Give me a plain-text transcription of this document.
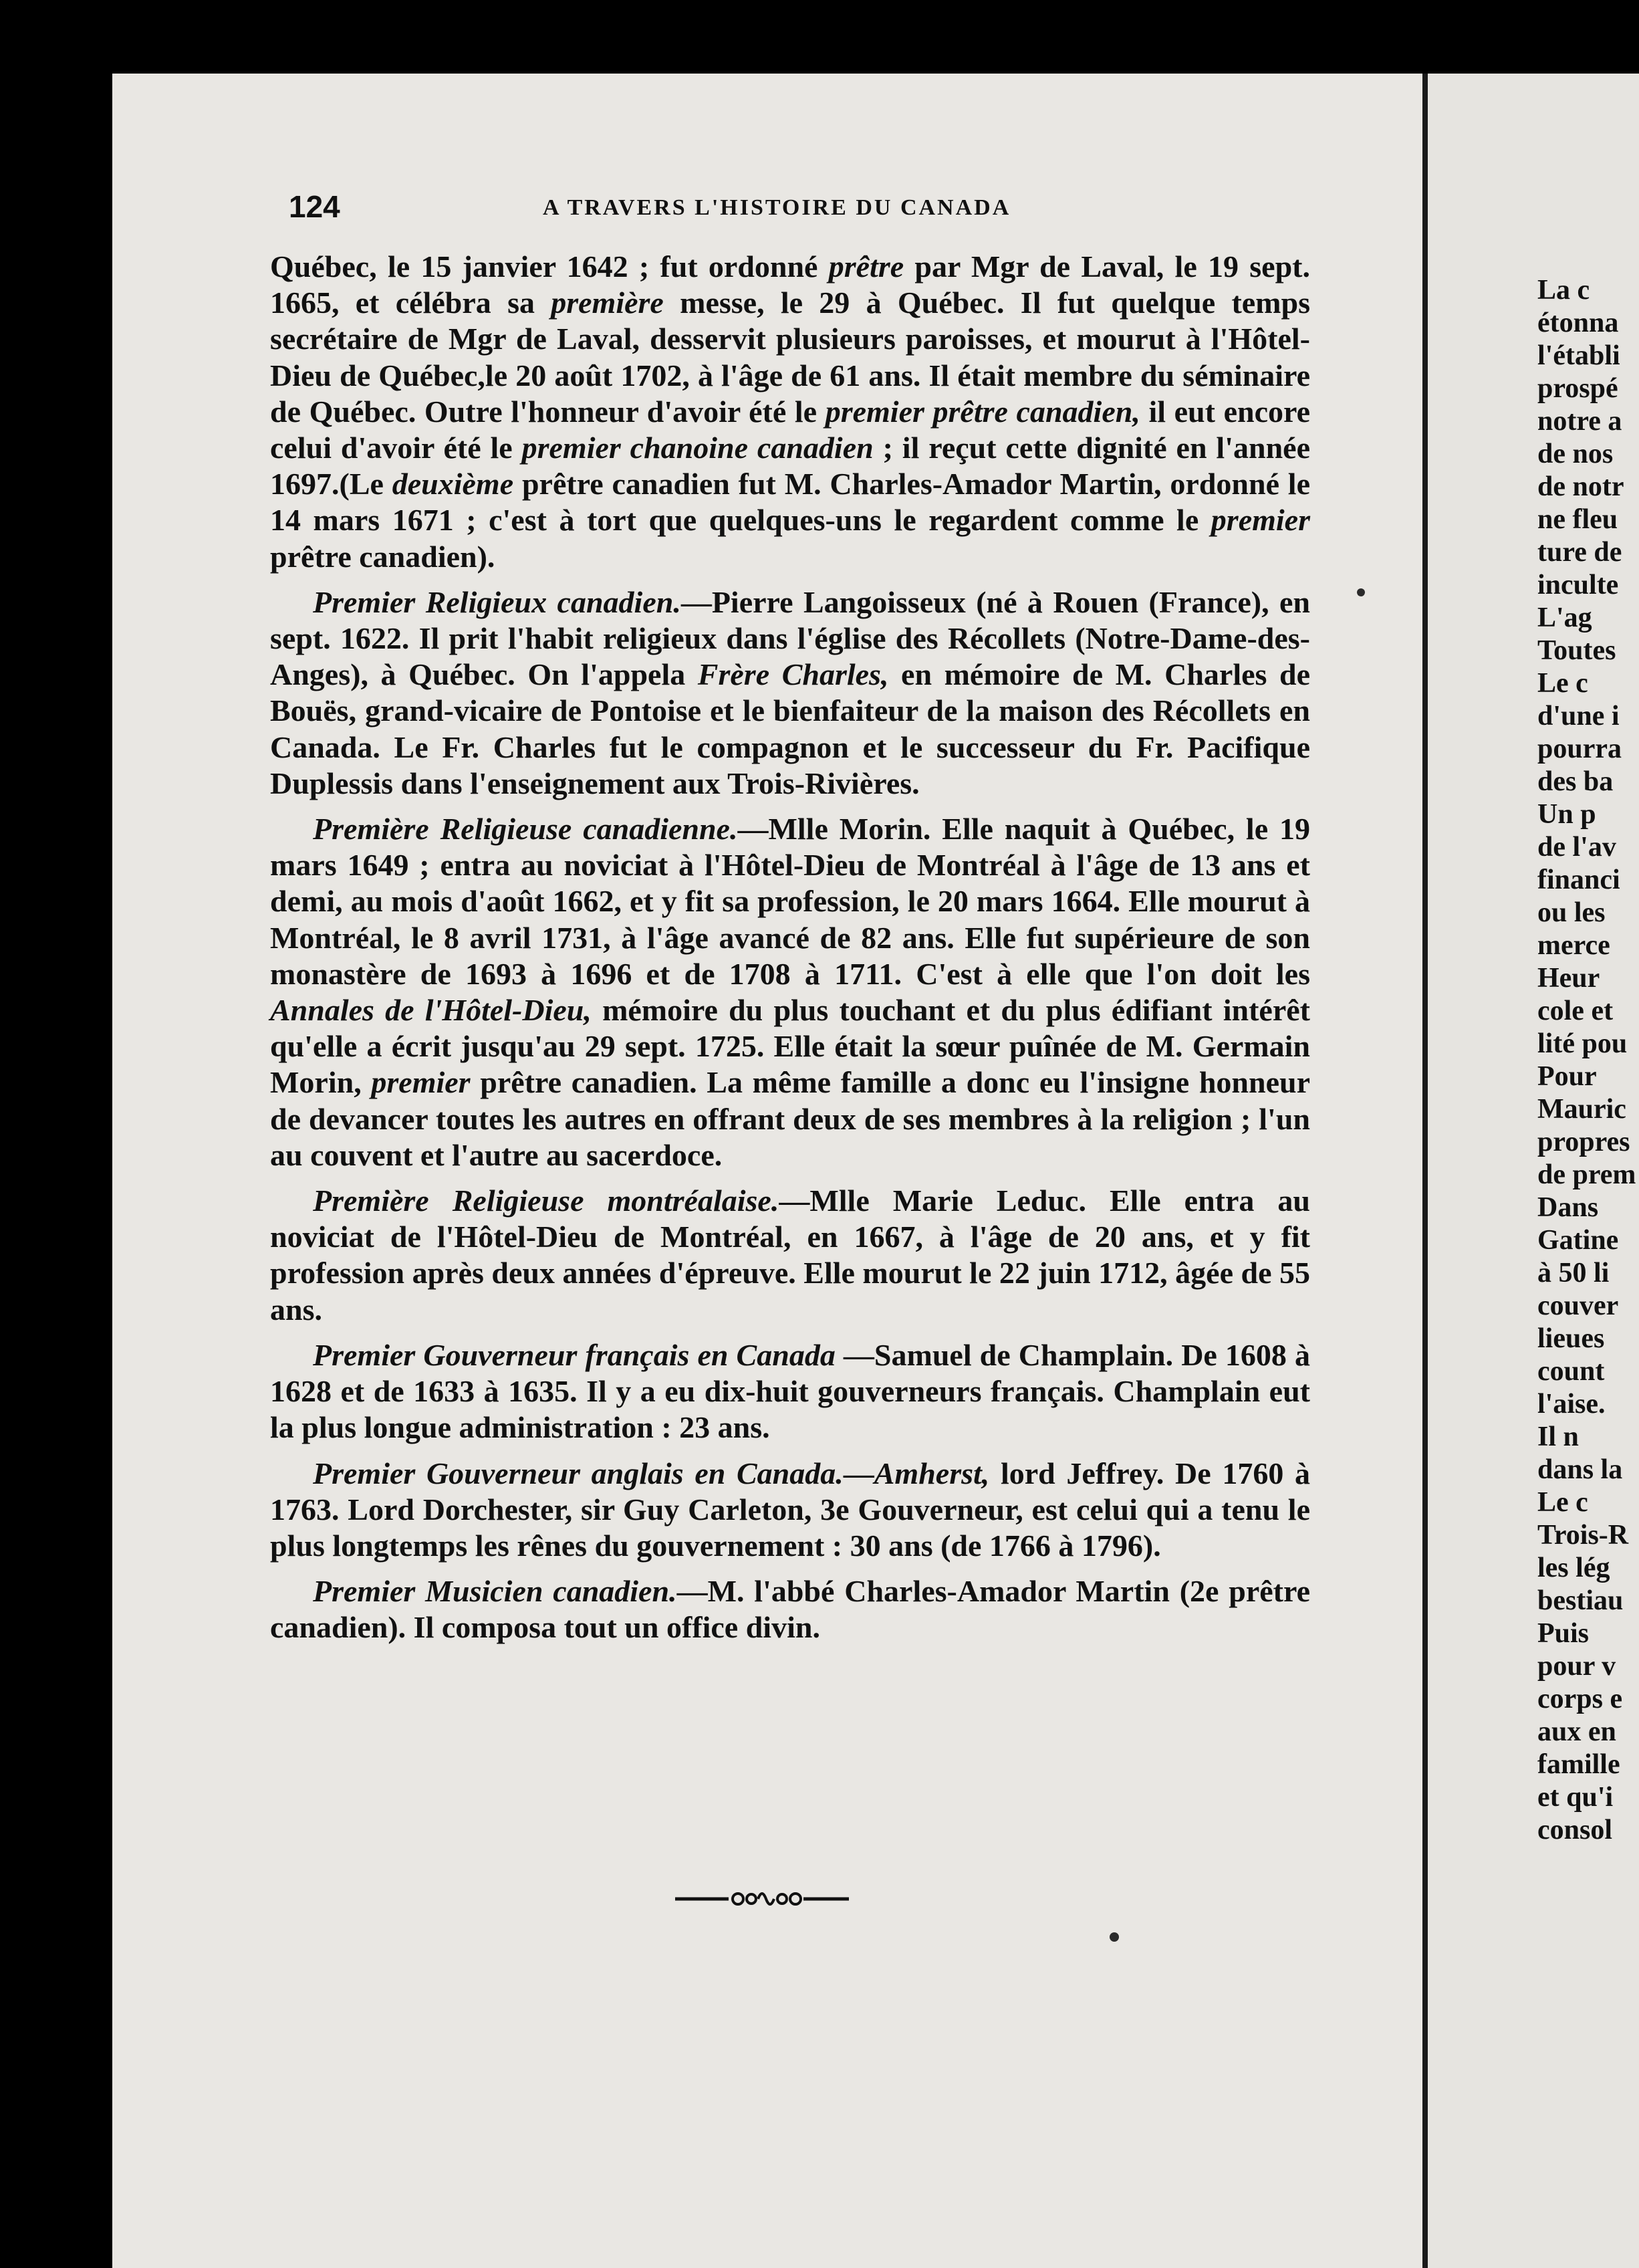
124	A TRAVERS L'HISTOIRE DU CANADA

Québec, le 15 janvier 1642 ; fut ordonné prêtre par Mgr de Laval, le 19 sept. 1665, et célébra sa première messe, le 29 à Québec. Il fut quelque temps secrétaire de Mgr de Laval, desservit plusieurs paroisses, et mourut à l'Hôtel-Dieu de Québec,le 20 août 1702, à l'âge de 61 ans. Il était membre du séminaire de Québec. Outre l'honneur d'avoir été le premier prêtre canadien, il eut encore celui d'avoir été le premier chanoine canadien ; il reçut cette dignité en l'année 1697.(Le deuxième prêtre canadien fut M. Charles-Amador Martin, ordonné le 14 mars 1671 ; c'est à tort que quelques-uns le regardent comme le premier prêtre canadien).

Premier Religieux canadien.—Pierre Langoisseux (né à Rouen (France), en sept. 1622. Il prit l'habit religieux dans l'église des Récollets (Notre-Dame-des-Anges), à Québec. On l'appela Frère Charles, en mémoire de M. Charles de Bouës, grand-vicaire de Pontoise et le bienfaiteur de la maison des Récollets en Canada. Le Fr. Charles fut le compagnon et le successeur du Fr. Pacifique Duplessis dans l'enseignement aux Trois-Rivières.

Première Religieuse canadienne.—Mlle Morin. Elle naquit à Québec, le 19 mars 1649 ; entra au noviciat à l'Hôtel-Dieu de Montréal à l'âge de 13 ans et demi, au mois d'août 1662, et y fit sa profession, le 20 mars 1664. Elle mourut à Montréal, le 8 avril 1731, à l'âge avancé de 82 ans. Elle fut supérieure de son monastère de 1693 à 1696 et de 1708 à 1711. C'est à elle que l'on doit les Annales de l'Hôtel-Dieu, mémoire du plus touchant et du plus édifiant intérêt qu'elle a écrit jusqu'au 29 sept. 1725. Elle était la sœur puînée de M. Germain Morin, premier prêtre canadien. La même famille a donc eu l'insigne honneur de devancer toutes les autres en offrant deux de ses membres à la religion ; l'un au couvent et l'autre au sacerdoce.

Première Religieuse montréalaise.—Mlle Marie Leduc. Elle entra au noviciat de l'Hôtel-Dieu de Montréal, en 1667, à l'âge de 20 ans, et y fit profession après deux années d'épreuve. Elle mourut le 22 juin 1712, âgée de 55 ans.

Premier Gouverneur français en Canada —Samuel de Champlain. De 1608 à 1628 et de 1633 à 1635. Il y a eu dix-huit gouverneurs français. Champlain eut la plus longue administration : 23 ans.

Premier Gouverneur anglais en Canada.—Amherst, lord Jeffrey. De 1760 à 1763. Lord Dorchester, sir Guy Carleton, 3e Gouverneur, est celui qui a tenu le plus longtemps les rênes du gouvernement : 30 ans (de 1766 à 1796).

Premier Musicien canadien.—M. l'abbé Charles-Amador Martin (2e prêtre canadien). Il composa tout un office divin.

La c
étonna
l'établi
prospé
notre a
de nos
de notr
ne fleu
ture de
inculte
L'ag
Toutes
Le c
d'une i
pourra
des ba
Un p
de l'av
financi
ou les
merce
Heur
cole et
lité pou
Pour
Mauric
propres
de prem
Dans
Gatine
à 50 li
couver
lieues
count
l'aise.
Il n
dans la
Le c
Trois-R
les lég
bestiau
Puis
pour v
corps e
aux en
famille
et qu'i
consol
